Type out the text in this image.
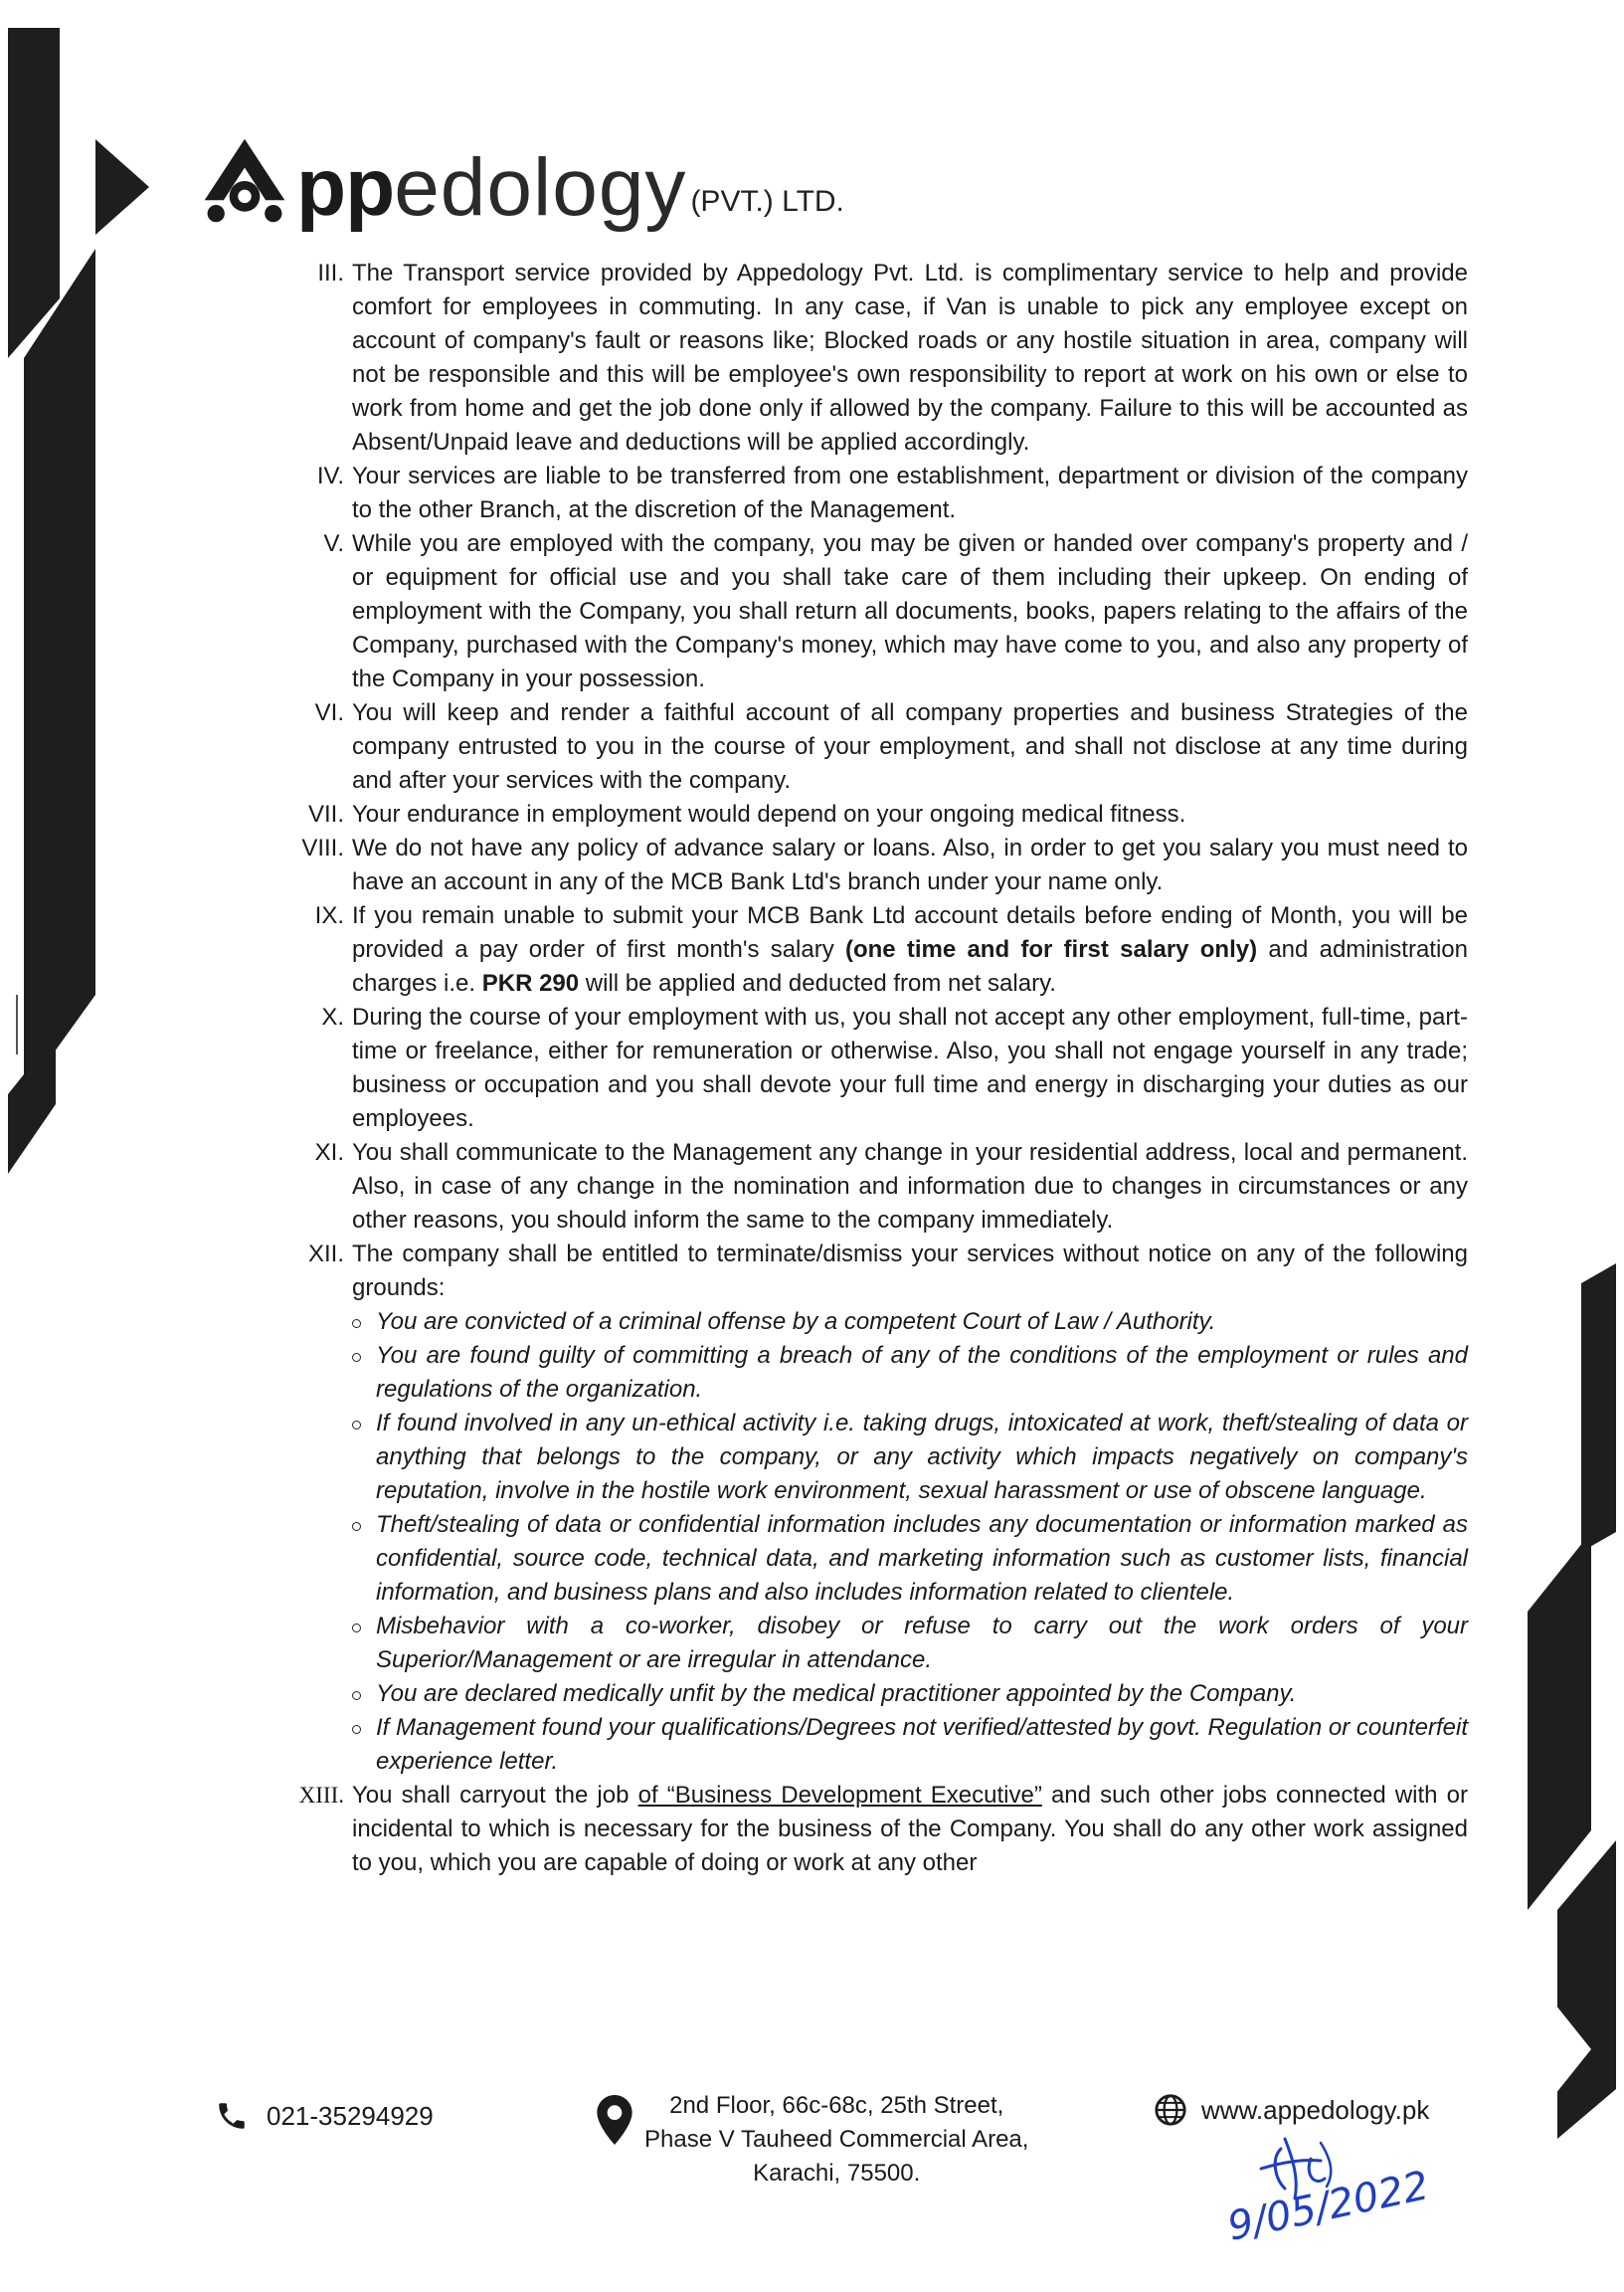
ppedology (PVT.) LTD.

III. The Transport service provided by Appedology Pvt. Ltd. is complimentary service to help and provide comfort for employees in commuting. In any case, if Van is unable to pick any employee except on account of company's fault or reasons like; Blocked roads or any hostile situation in area, company will not be responsible and this will be employee's own responsibility to report at work on his own or else to work from home and get the job done only if allowed by the company. Failure to this will be accounted as Absent/Unpaid leave and deductions will be applied accordingly.

IV. Your services are liable to be transferred from one establishment, department or division of the company to the other Branch, at the discretion of the Management.

V. While you are employed with the company, you may be given or handed over company's property and / or equipment for official use and you shall take care of them including their upkeep. On ending of employment with the Company, you shall return all documents, books, papers relating to the affairs of the Company, purchased with the Company's money, which may have come to you, and also any property of the Company in your possession.

VI. You will keep and render a faithful account of all company properties and business Strategies of the company entrusted to you in the course of your employment, and shall not disclose at any time during and after your services with the company.

VII. Your endurance in employment would depend on your ongoing medical fitness.

VIII. We do not have any policy of advance salary or loans. Also, in order to get you salary you must need to have an account in any of the MCB Bank Ltd's branch under your name only.

IX. If you remain unable to submit your MCB Bank Ltd account details before ending of Month, you will be provided a pay order of first month's salary (one time and for first salary only) and administration charges i.e. PKR 290 will be applied and deducted from net salary.

X. During the course of your employment with us, you shall not accept any other employment, full-time, part-time or freelance, either for remuneration or otherwise. Also, you shall not engage yourself in any trade; business or occupation and you shall devote your full time and energy in discharging your duties as our employees.

XI. You shall communicate to the Management any change in your residential address, local and permanent. Also, in case of any change in the nomination and information due to changes in circumstances or any other reasons, you should inform the same to the company immediately.

XII. The company shall be entitled to terminate/dismiss your services without notice on any of the following grounds:

You are convicted of a criminal offense by a competent Court of Law / Authority.
You are found guilty of committing a breach of any of the conditions of the employment or rules and regulations of the organization.
If found involved in any un-ethical activity i.e. taking drugs, intoxicated at work, theft/stealing of data or anything that belongs to the company, or any activity which impacts negatively on company's reputation, involve in the hostile work environment, sexual harassment or use of obscene language.
Theft/stealing of data or confidential information includes any documentation or information marked as confidential, source code, technical data, and marketing information such as customer lists, financial information, and business plans and also includes information related to clientele.
Misbehavior with a co-worker, disobey or refuse to carry out the work orders of your Superior/Management or are irregular in attendance.
You are declared medically unfit by the medical practitioner appointed by the Company.
If Management found your qualifications/Degrees not verified/attested by govt. Regulation or counterfeit experience letter.

XIII. You shall carryout the job of “Business Development Executive” and such other jobs connected with or incidental to which is necessary for the business of the Company. You shall do any other work assigned to you, which you are capable of doing or work at any other

021-35294929	2nd Floor, 66c-68c, 25th Street,
Phase V Tauheed Commercial Area,
Karachi, 75500.
www.appedology.pk
9/05/2022
